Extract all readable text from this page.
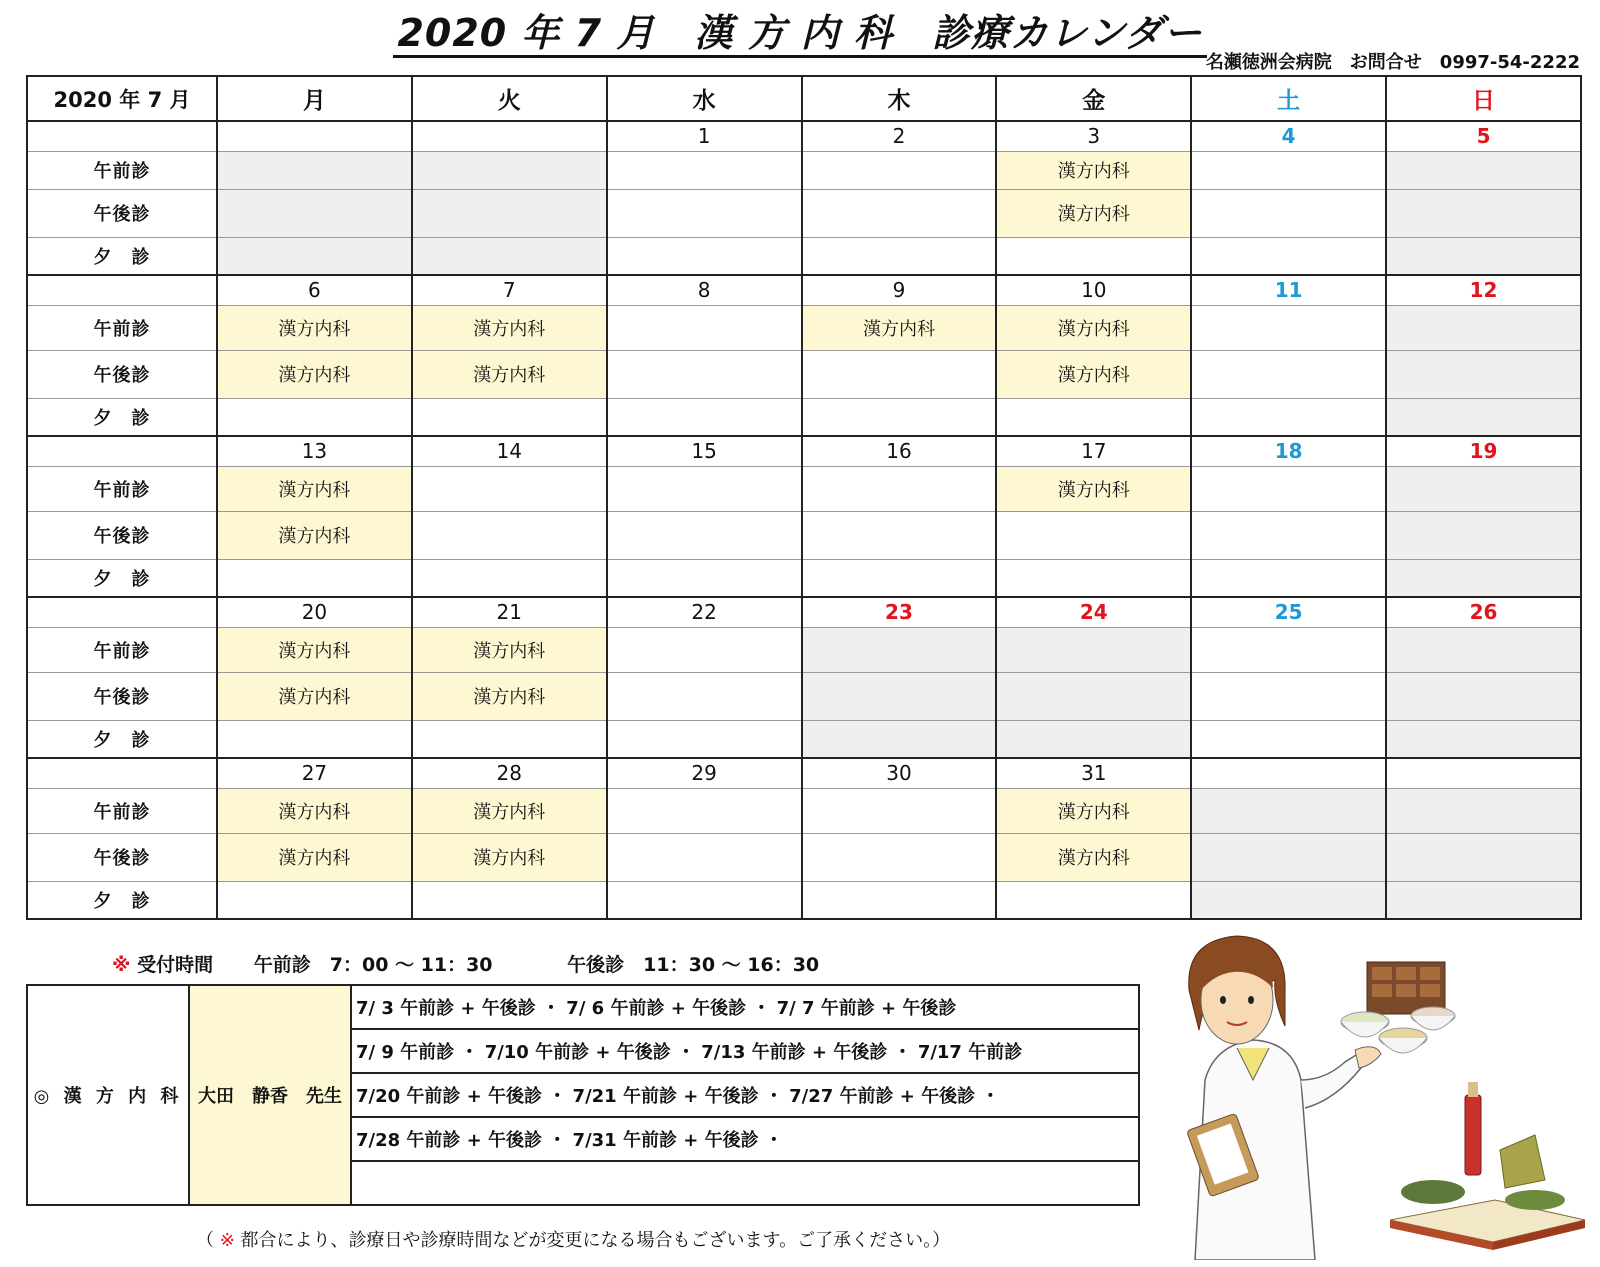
2020 年 7 月　漢 方 内 科　診療カレンダー
名瀬徳洲会病院　お問合せ　0997-54-2222
2020 年 7 月	月	火	水	木	金	土	日
			1	2	3	4	5
午前診					漢方内科		
午後診					漢方内科		
夕　診							
	6	7	8	9	10	11	12
午前診	漢方内科	漢方内科		漢方内科	漢方内科		
午後診	漢方内科	漢方内科			漢方内科		
夕　診							
	13	14	15	16	17	18	19
午前診	漢方内科				漢方内科		
午後診	漢方内科						
夕　診							
	20	21	22	23	24	25	26
午前診	漢方内科	漢方内科					
午後診	漢方内科	漢方内科					
夕　診							
	27	28	29	30	31		
午前診	漢方内科	漢方内科			漢方内科		
午後診	漢方内科	漢方内科			漢方内科		
夕　診							
※ 受付時間 午前診　7：00 ～ 11：30	午後診　11：30 ～ 16：30
◎ 漢 方 内 科	大田　静香　先生	7/ 3 午前診 + 午後診 ・ 7/ 6 午前診 + 午後診 ・ 7/ 7 午前診 + 午後診
7/ 9 午前診 ・ 7/10 午前診 + 午後診 ・ 7/13 午前診 + 午後診 ・ 7/17 午前診
7/20 午前診 + 午後診 ・ 7/21 午前診 + 午後診 ・ 7/27 午前診 + 午後診 ・
7/28 午前診 + 午後診 ・ 7/31 午前診 + 午後診 ・

（ ※ 都合により、診療日や診療時間などが変更になる場合もございます。ご了承ください。）
